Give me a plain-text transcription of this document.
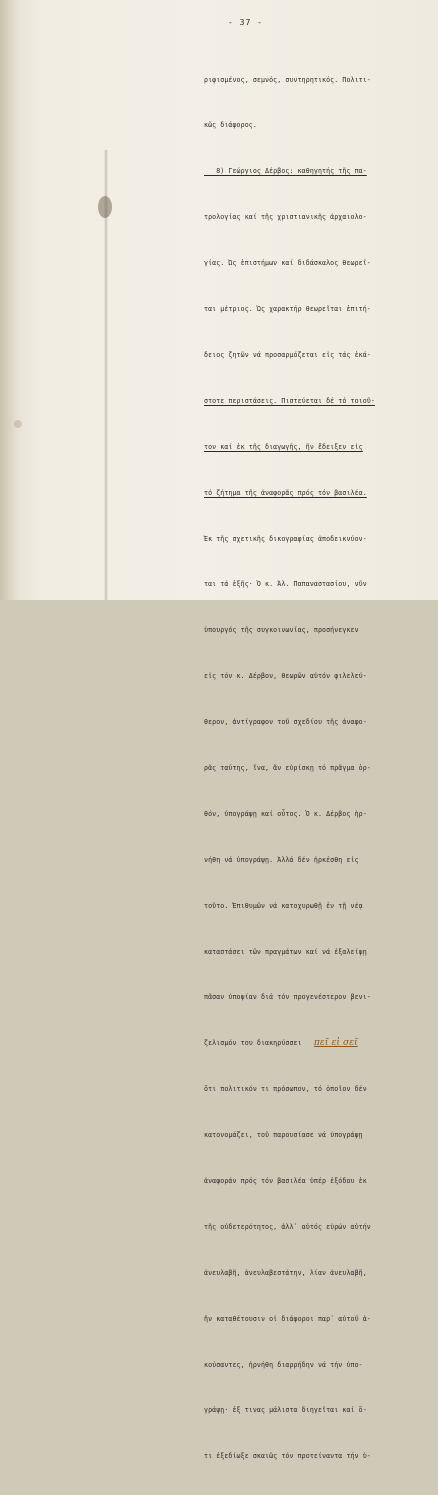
- 37 -

ριφισμένος, σεμνός, συντηρητικός. Πολιτι-

κῶς διάφορος.

8) Γεώργιος Δέρβος: καθηγητής τῆς πα-

τρολογίας καί τῆς χριστιανικῆς ἀρχαιολο-

γίας. Ὡς ἐπιστήμων καί διδάσκαλος θεωρεῖ-

ται μέτριος. Ὡς χαρακτήρ θεωρεῖται ἐπιτή-

δειος ζητῶν νά προσαρμόζεται εἰς τάς ἑκά-

στοτε περιστάσεις. Πιστεύεται δέ τό τοιοῦ-

τον καί ἐκ τῆς διαγωγῆς, ἥν ἔδειξεν εἰς

τό ζήτημα τῆς ἀναφορᾶς πρός τόν βασιλέα.

Ἐκ τῆς σχετικῆς δικογραφίας ἀποδεικνύον-

ται τά ἑξῆς· Ὁ κ. Ἀλ. Παπαναστασίου, νῦν

ὑπουργός τῆς συγκοινωνίας, προσήνεγκεν

εἰς τόν κ. Δέρβον, θεωρῶν αὐτόν φιλελεύ-

θερον, ἀντίγραφον τοῦ σχεδίου τῆς ἀναφο-

ρᾶς ταύτης, ἵνα, ἄν εὑρίσκῃ τό πρᾶγμα ὀρ-

θόν, ὑπογράψῃ καί οὗτος. Ὁ κ. Δέρβος ἠρ-

νήθη νά ὑπογράψῃ. Ἀλλά δέν ἠρκέσθη εἰς

τοῦτο. Ἐπιθυμῶν νά κατοχυρωθῇ ἐν τῇ νέᾳ

καταστάσει τῶν πραγμάτων καί νά ἐξαλείψῃ

πᾶσαν ὑποψίαν διά τόν προγενέστερον βενι-

ζελισμόν του διακηρύσσει πεῖ εἰ σεῖ

ὅτι πολιτικόν τι πρόσωπον, τό ὁποῖον δέν

κατονομάζει, τοῦ παρουσίασε νά ὑπογράψῃ

ἀναφοράν πρός τόν βασιλέα ὑπέρ ἐξόδου ἐκ

τῆς οὐδετερότητος, ἀλλ᾽ αὐτός εὑρών αὐτήν

ἀνευλαβῆ, ἀνευλαβεστάτην, λίαν ἀνευλαβῆ,

ἥν καταθέτουσιν οἱ διάφοροι παρ᾽ αὐτοῦ ἀ-

κούσαντες, ἠρνήθη διαρρήδην νά τήν ὑπο-

γράψῃ· ἐξ τινας μάλιστα διηγεῖται καί ὅ-

τι ἐξεδίωξε σκαιῶς τόν προτείναντα τήν ὑ-
